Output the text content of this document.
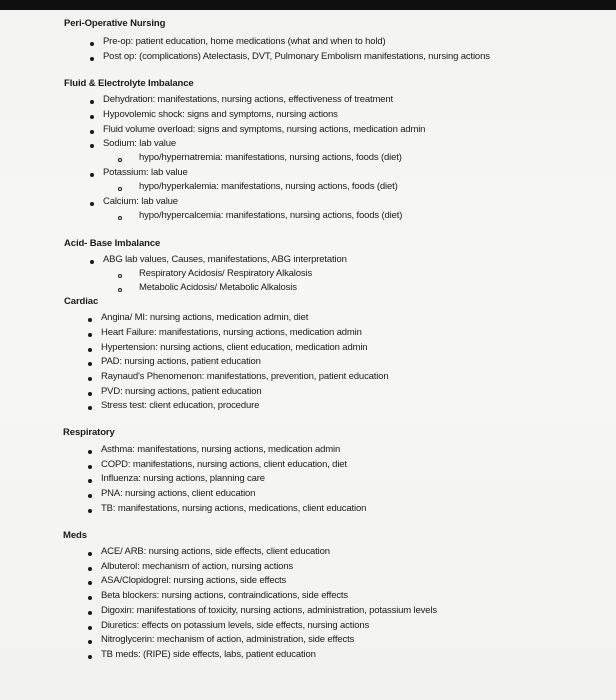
Peri-Operative Nursing
Pre-op: patient education, home medications (what and when to hold)
Post op: (complications) Atelectasis, DVT, Pulmonary Embolism manifestations, nursing actions
Fluid & Electrolyte Imbalance
Dehydration: manifestations, nursing actions, effectiveness of treatment
Hypovolemic shock: signs and symptoms, nursing actions
Fluid volume overload: signs and symptoms, nursing actions, medication admin
Sodium: lab value
hypo/hypernatremia: manifestations, nursing actions, foods (diet)
Potassium: lab value
hypo/hyperkalemia: manifestations, nursing actions, foods (diet)
Calcium: lab value
hypo/hypercalcemia: manifestations, nursing actions, foods (diet)
Acid- Base Imbalance
ABG lab values, Causes, manifestations, ABG interpretation
Respiratory Acidosis/ Respiratory Alkalosis
Metabolic Acidosis/ Metabolic Alkalosis
Cardiac
Angina/ MI: nursing actions, medication admin, diet
Heart Failure: manifestations, nursing actions, medication admin
Hypertension: nursing actions, client education, medication admin
PAD: nursing actions, patient education
Raynaud's Phenomenon: manifestations, prevention, patient education
PVD: nursing actions, patient education
Stress test: client education, procedure
Respiratory
Asthma: manifestations, nursing actions, medication admin
COPD: manifestations, nursing actions, client education, diet
Influenza: nursing actions, planning care
PNA: nursing actions, client education
TB: manifestations, nursing actions, medications, client education
Meds
ACE/ ARB: nursing actions, side effects, client education
Albuterol: mechanism of action, nursing actions
ASA/Clopidogrel: nursing actions, side effects
Beta blockers: nursing actions, contraindications, side effects
Digoxin: manifestations of toxicity, nursing actions, administration, potassium levels
Diuretics: effects on potassium levels, side effects, nursing actions
Nitroglycerin: mechanism of action, administration, side effects
TB meds: (RIPE) side effects, labs, patient education
